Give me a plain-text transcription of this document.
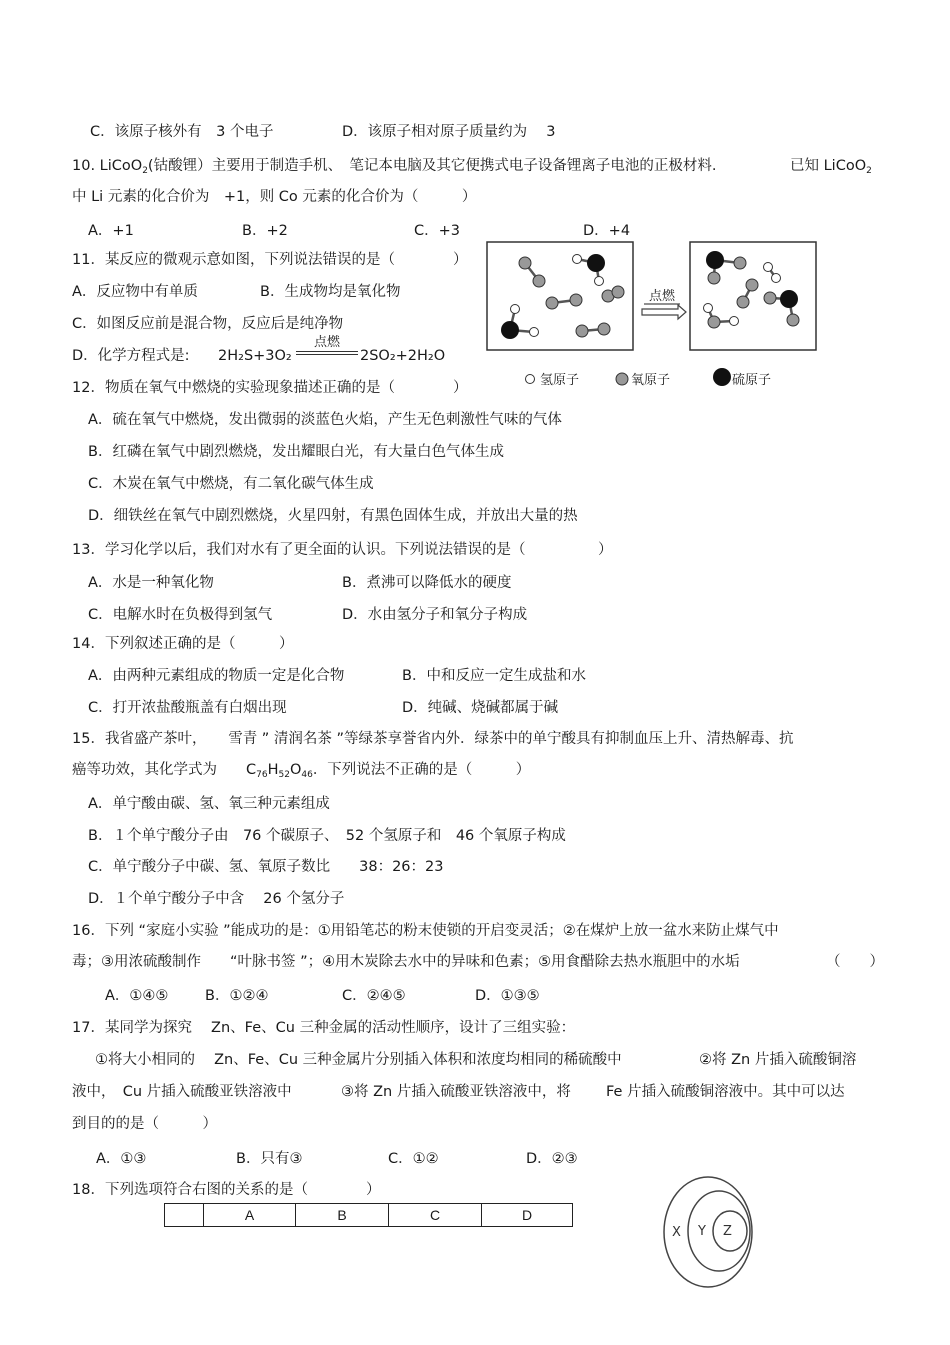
C．该原子核外有　3 个电子	D．该原子相对原子质量约为　 3
10. LiCoO$_2$(钴酸锂）主要用于制造手机、　笔记本电脑及其它便携式电子设备锂离子电池的正极材料.	已知 LiCoO$_2$
中 Li 元素的化合价为　+1，则 Co 元素的化合价为（　　　）
A．+1	B．+2	C．+3	D．+4
11．某反应的微观示意如图，下列说法错误的是（　　　　）
A．反应物中有单质	B．生成物均是氧化物
C．如图反应前是混合物，反应后是纯净物
D．化学方程式是: 2H₂S+3O₂
点燃
2SO₂+2H₂O
点燃
氢原子	氧原子	硫原子
12．物质在氧气中燃烧的实验现象描述正确的是（　　　　）
A．硫在氧气中燃烧，发出微弱的淡蓝色火焰，产生无色刺激性气味的气体
B．红磷在氧气中剧烈燃烧，发出耀眼白光，有大量白色气体生成
C．木炭在氧气中燃烧，有二氧化碳气体生成
D．细铁丝在氧气中剧烈燃烧，火星四射，有黑色固体生成，并放出大量的热
13．学习化学以后，我们对水有了更全面的认识。下列说法错误的是（　　　　　）
A．水是一种氧化物	B．煮沸可以降低水的硬度
C．电解水时在负极得到氢气	D．水由氢分子和氧分子构成
14．下列叙述正确的是（　　　）
A．由两种元素组成的物质一定是化合物	B．中和反应一定生成盐和水
C．打开浓盐酸瓶盖有白烟出现	D．纯碱、烧碱都属于碱
15．我省盛产茶叶，　　雪青 ” 清润名茶 ”等绿茶享誉省内外．绿茶中的单宁酸具有抑制血压上升、清热解毒、抗
癌等功效，其化学式为　　$C_{76}H_{52}O_{46}$．下列说法不正确的是（　　　）
A．单宁酸由碳、氢、氧三种元素组成
B．１个单宁酸分子由　76 个碳原子、　52 个氢原子和　46 个氧原子构成
C．单宁酸分子中碳、氢、氧原子数比　　38：26：23
D．１个单宁酸分子中含　 26 个氢分子
16．下列 “家庭小实验 ”能成功的是：①用铅笔芯的粉末使锁的开启变灵活；②在煤炉上放一盆水来防止煤气中
毒；③用浓硫酸制作　　“叶脉书签 ”；④用木炭除去水中的异味和色素；⑤用食醋除去热水瓶胆中的水垢	（　　）
A．①④⑤	B．①②④	C．②④⑤	D．①③⑤
17．某同学为探究　 Zn、Fe、Cu 三种金属的活动性顺序，设计了三组实验：
①将大小相同的　 Zn、Fe、Cu 三种金属片分别插入体积和浓度均相同的稀硫酸中	②将 Zn 片插入硫酸铜溶
液中，　Cu 片插入硫酸亚铁溶液中	③将 Zn 片插入硫酸亚铁溶液中，将 Fe 片插入硫酸铜溶液中。其中可以达
到目的的是（　　　）
A．①③	B．只有③	C．①②	D．②③
18．下列选项符合右图的关系的是（　　　　）
	A	B	C	D
X Y Z
